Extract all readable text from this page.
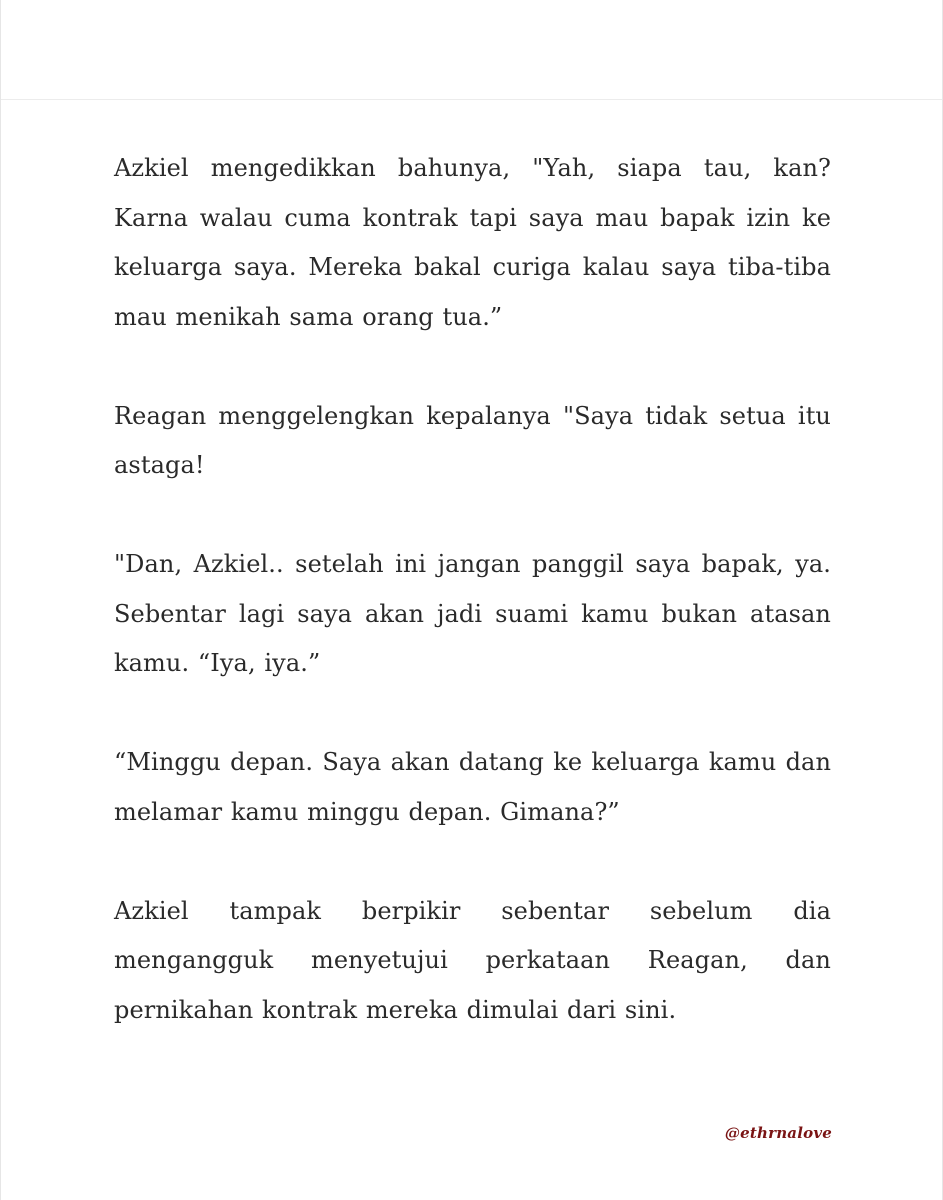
Azkiel mengedikkan bahunya, "Yah, siapa tau, kan? Karna walau cuma kontrak tapi saya mau bapak izin ke keluarga saya. Mereka bakal curiga kalau saya tiba-tiba mau menikah sama orang tua.”

Reagan menggelengkan kepalanya "Saya tidak setua itu astaga!

"Dan, Azkiel.. setelah ini jangan panggil saya bapak, ya. Sebentar lagi saya akan jadi suami kamu bukan atasan kamu. “Iya, iya.”

“Minggu depan. Saya akan datang ke keluarga kamu dan melamar kamu minggu depan. Gimana?”

Azkiel tampak berpikir sebentar sebelum dia mengangguk menyetujui perkataan Reagan, dan pernikahan kontrak mereka dimulai dari sini.

@ethrnalove
